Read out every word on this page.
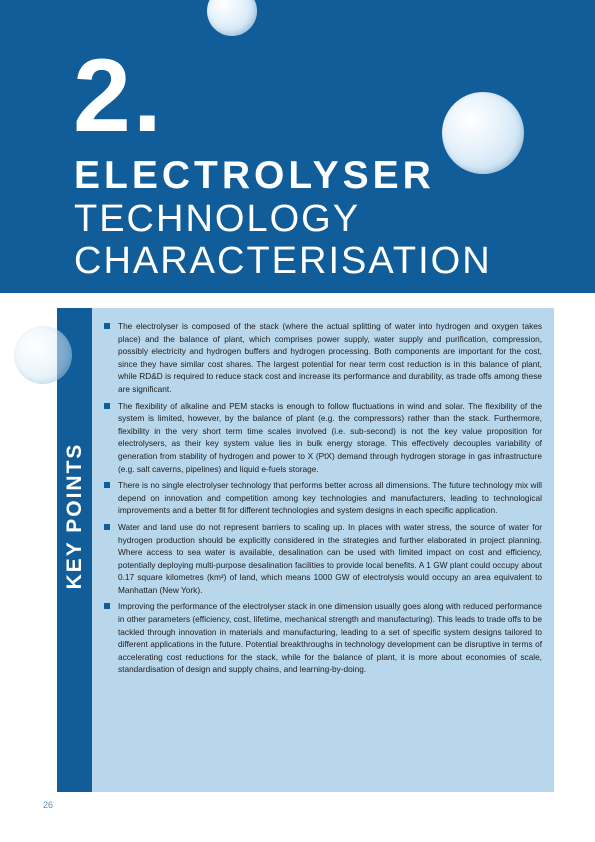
2.
ELECTROLYSER
TECHNOLOGY
CHARACTERISATION
KEY POINTS
The electrolyser is composed of the stack (where the actual splitting of water into hydrogen and oxygen takes place) and the balance of plant, which comprises power supply, water supply and purification, compression, possibly electricity and hydrogen buffers and hydrogen processing. Both components are important for the cost, since they have similar cost shares. The largest potential for near term cost reduction is in this balance of plant, while RD&D is required to reduce stack cost and increase its performance and durability, as trade offs among these are significant.
The flexibility of alkaline and PEM stacks is enough to follow fluctuations in wind and solar. The flexibility of the system is limited, however, by the balance of plant (e.g. the compressors) rather than the stack. Furthermore, flexibility in the very short term time scales involved (i.e. sub-second) is not the key value proposition for electrolysers, as their key system value lies in bulk energy storage. This effectively decouples variability of generation from stability of hydrogen and power to X (PtX) demand through hydrogen storage in gas infrastructure (e.g. salt caverns, pipelines) and liquid e-fuels storage.
There is no single electrolyser technology that performs better across all dimensions. The future technology mix will depend on innovation and competition among key technologies and manufacturers, leading to technological improvements and a better fit for different technologies and system designs in each specific application.
Water and land use do not represent barriers to scaling up. In places with water stress, the source of water for hydrogen production should be explicitly considered in the strategies and further elaborated in project planning. Where access to sea water is available, desalination can be used with limited impact on cost and efficiency, potentially deploying multi-purpose desalination facilities to provide local benefits. A 1 GW plant could occupy about 0.17 square kilometres (km²) of land, which means 1000 GW of electrolysis would occupy an area equivalent to Manhattan (New York).
Improving the performance of the electrolyser stack in one dimension usually goes along with reduced performance in other parameters (efficiency, cost, lifetime, mechanical strength and manufacturing). This leads to trade offs to be tackled through innovation in materials and manufacturing, leading to a set of specific system designs tailored to different applications in the future. Potential breakthroughs in technology development can be disruptive in terms of accelerating cost reductions for the stack, while for the balance of plant, it is more about economies of scale, standardisation of design and supply chains, and learning-by-doing.
26
